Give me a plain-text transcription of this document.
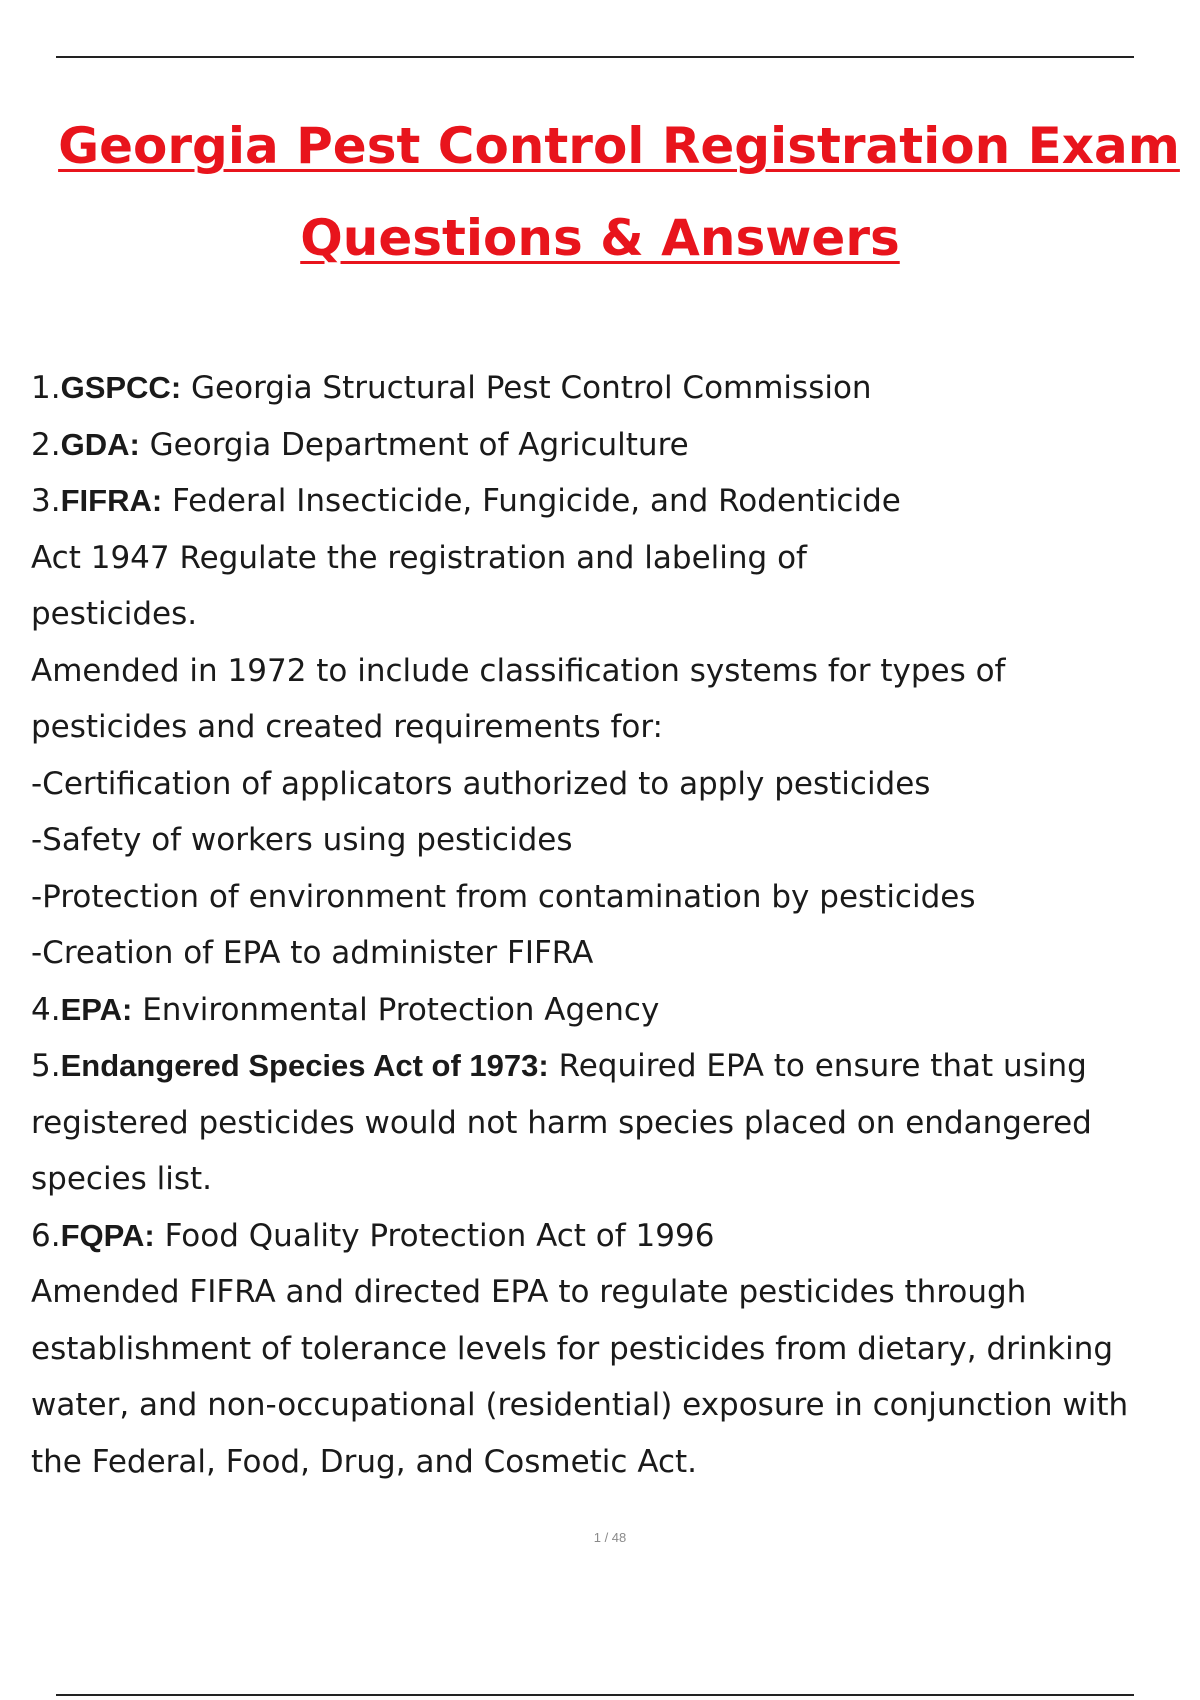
Georgia Pest Control Registration Exam
Questions & Answers
1.GSPCC: Georgia Structural Pest Control Commission
2.GDA: Georgia Department of Agriculture
3.FIFRA: Federal Insecticide, Fungicide, and Rodenticide
Act 1947 Regulate the registration and labeling of
pesticides.
Amended in 1972 to include classification systems for types of
pesticides and created requirements for:
-Certification of applicators authorized to apply pesticides
-Safety of workers using pesticides
-Protection of environment from contamination by pesticides
-Creation of EPA to administer FIFRA
4.EPA: Environmental Protection Agency
5.Endangered Species Act of 1973: Required EPA to ensure that using
registered pesticides would not harm species placed on endangered
species list.
6.FQPA: Food Quality Protection Act of 1996
Amended FIFRA and directed EPA to regulate pesticides through
establishment of tolerance levels for pesticides from dietary, drinking
water, and non-occupational (residential) exposure in conjunction with
the Federal, Food, Drug, and Cosmetic Act.
1 / 48
